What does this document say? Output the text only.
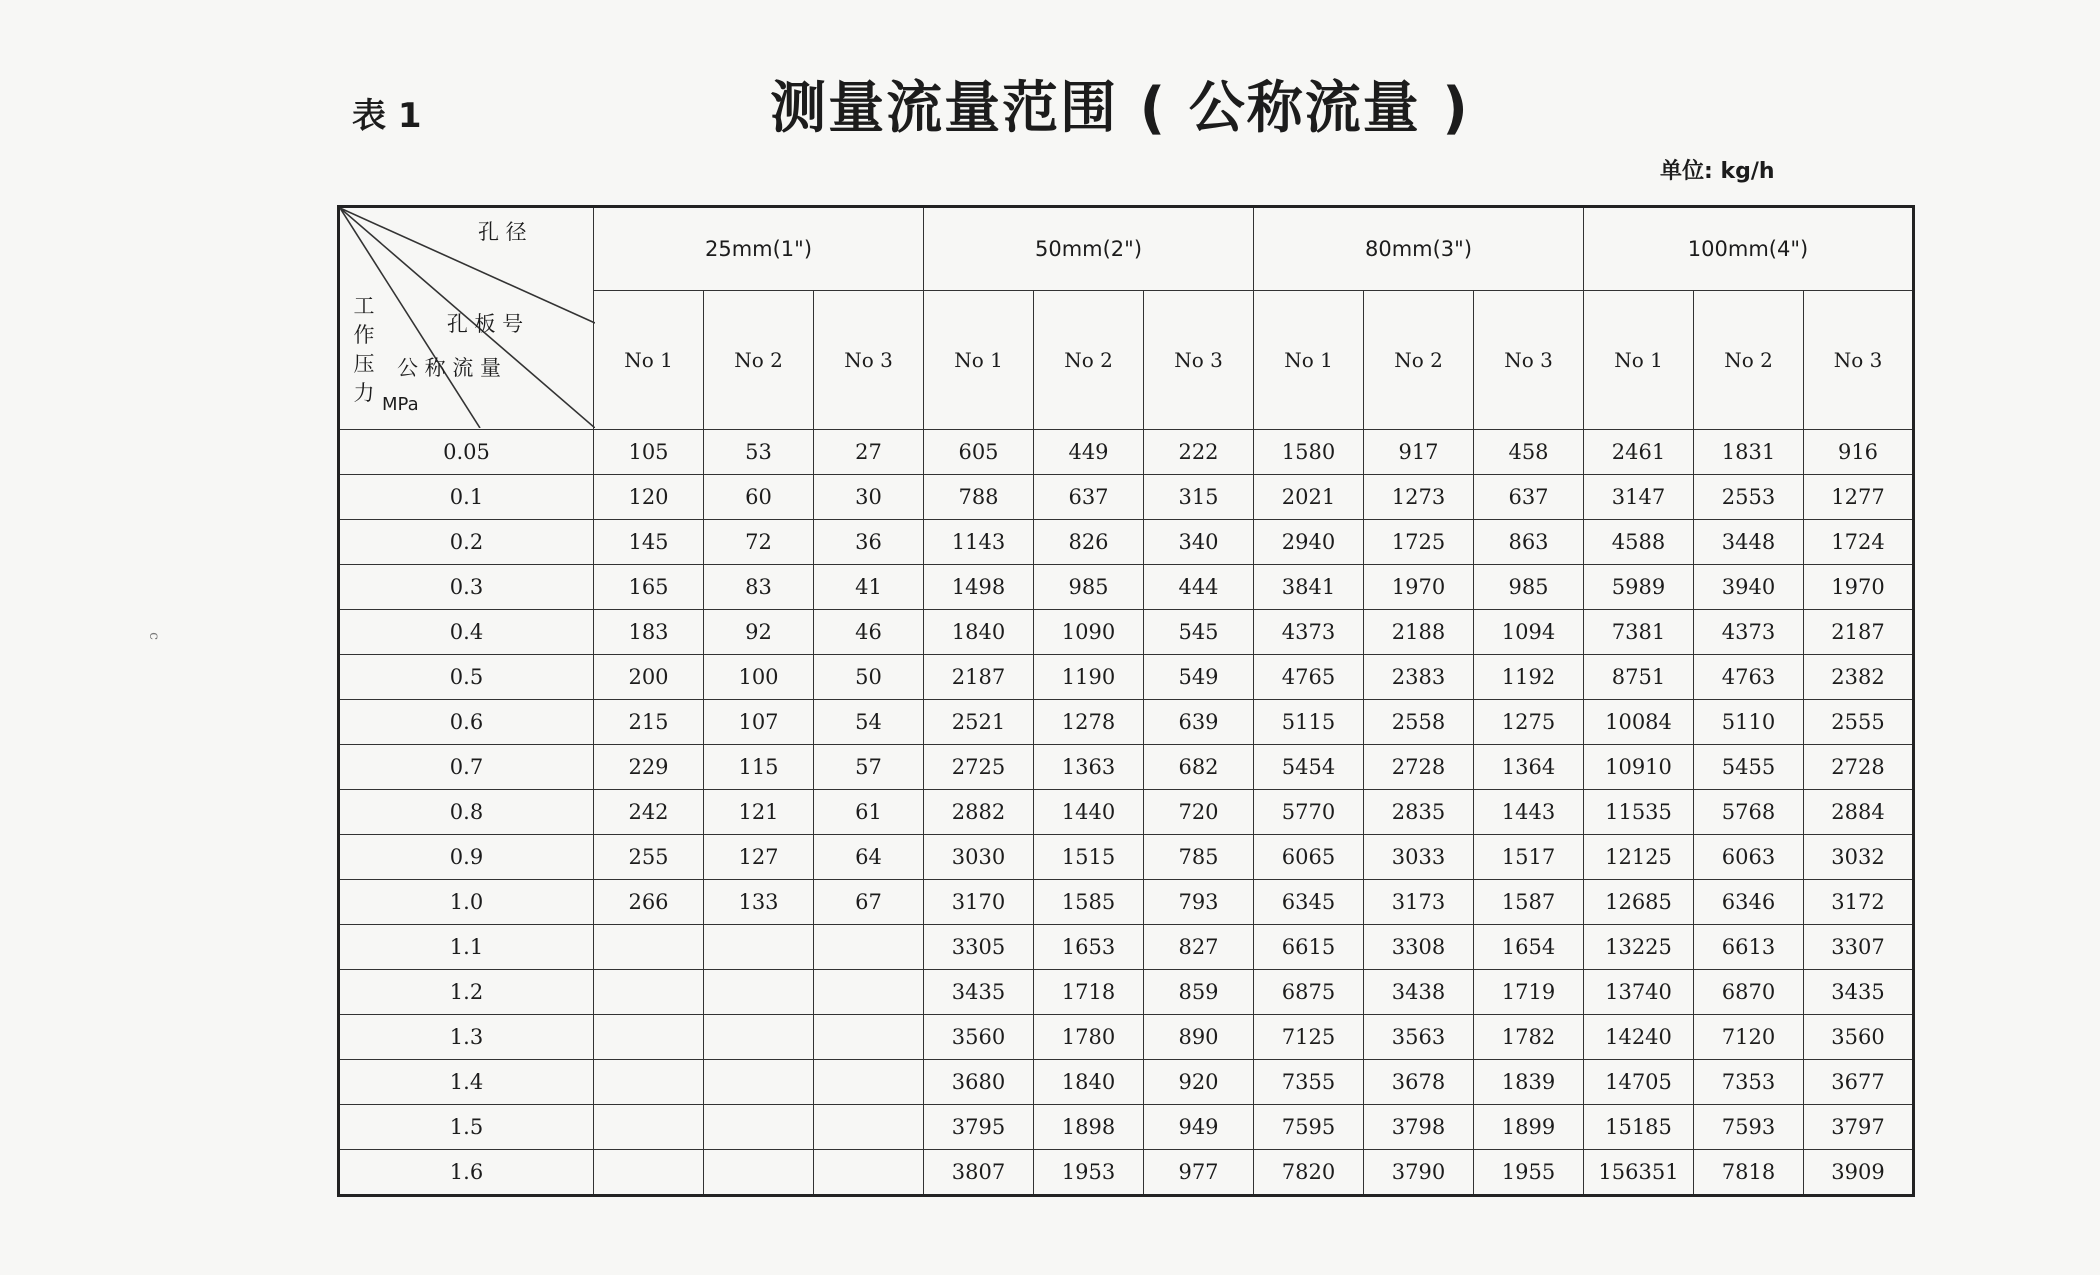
表 1	测量流量范围 ( 公称流量 )
单位: kg/h
c
孔 径
孔 板 号
公 称 流 量
工 作 压 力 MPa	25mm(1")			50mm(2")			80mm(3")			100mm(4")		
	No 1	No 2	No 3	No 1	No 2	No 3	No 1	No 2	No 3	No 1	No 2	No 3
0.05	105	53	27	605	449	222	1580	917	458	2461	1831	916
0.1	120	60	30	788	637	315	2021	1273	637	3147	2553	1277
0.2	145	72	36	1143	826	340	2940	1725	863	4588	3448	1724
0.3	165	83	41	1498	985	444	3841	1970	985	5989	3940	1970
0.4	183	92	46	1840	1090	545	4373	2188	1094	7381	4373	2187
0.5	200	100	50	2187	1190	549	4765	2383	1192	8751	4763	2382
0.6	215	107	54	2521	1278	639	5115	2558	1275	10084	5110	2555
0.7	229	115	57	2725	1363	682	5454	2728	1364	10910	5455	2728
0.8	242	121	61	2882	1440	720	5770	2835	1443	11535	5768	2884
0.9	255	127	64	3030	1515	785	6065	3033	1517	12125	6063	3032
1.0	266	133	67	3170	1585	793	6345	3173	1587	12685	6346	3172
1.1				3305	1653	827	6615	3308	1654	13225	6613	3307
1.2				3435	1718	859	6875	3438	1719	13740	6870	3435
1.3				3560	1780	890	7125	3563	1782	14240	7120	3560
1.4				3680	1840	920	7355	3678	1839	14705	7353	3677
1.5				3795	1898	949	7595	3798	1899	15185	7593	3797
1.6				3807	1953	977	7820	3790	1955	156351	7818	3909
